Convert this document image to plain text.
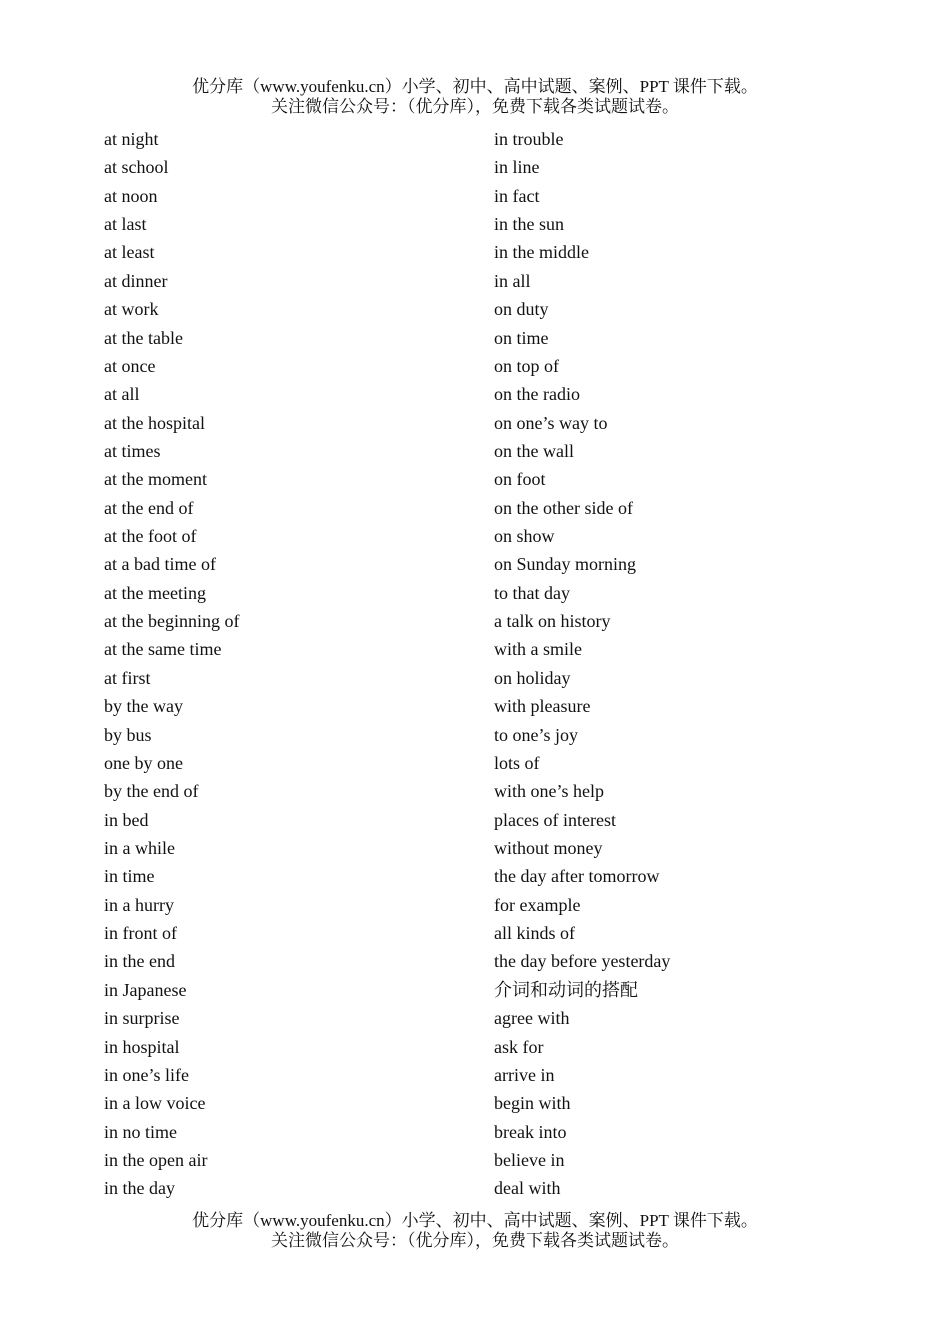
优分库（www.youfenku.cn）小学、初中、高中试题、案例、PPT 课件下载。
关注微信公众号：（优分库），免费下载各类试题试卷。
at night
at school
at noon
at last
at least
at dinner
at work
at the table
at once
at all
at the hospital
at times
at the moment
at the end of
at the foot of
at a bad time of
at the meeting
at the beginning of
at the same time
at first
by the way
by bus
one by one
by the end of
in bed
in a while
in time
in a hurry
in front of
in the end
in Japanese
in surprise
in hospital
in one’s life
in a low voice
in no time
in the open air
in the day
in trouble
in line
in fact
in the sun
in the middle
in all
on duty
on time
on top of
on the radio
on one’s way to
on the wall
on foot
on the other side of
on show
on Sunday morning
to that day
a talk on history
with a smile
on holiday
with pleasure
to one’s joy
lots of
with one’s help
places of interest
without money
the day after tomorrow
for example
all kinds of
the day before yesterday
介词和动词的搭配
agree with
ask for
arrive in
begin with
break into
believe in
deal with
优分库（www.youfenku.cn）小学、初中、高中试题、案例、PPT 课件下载。
关注微信公众号：（优分库），免费下载各类试题试卷。
